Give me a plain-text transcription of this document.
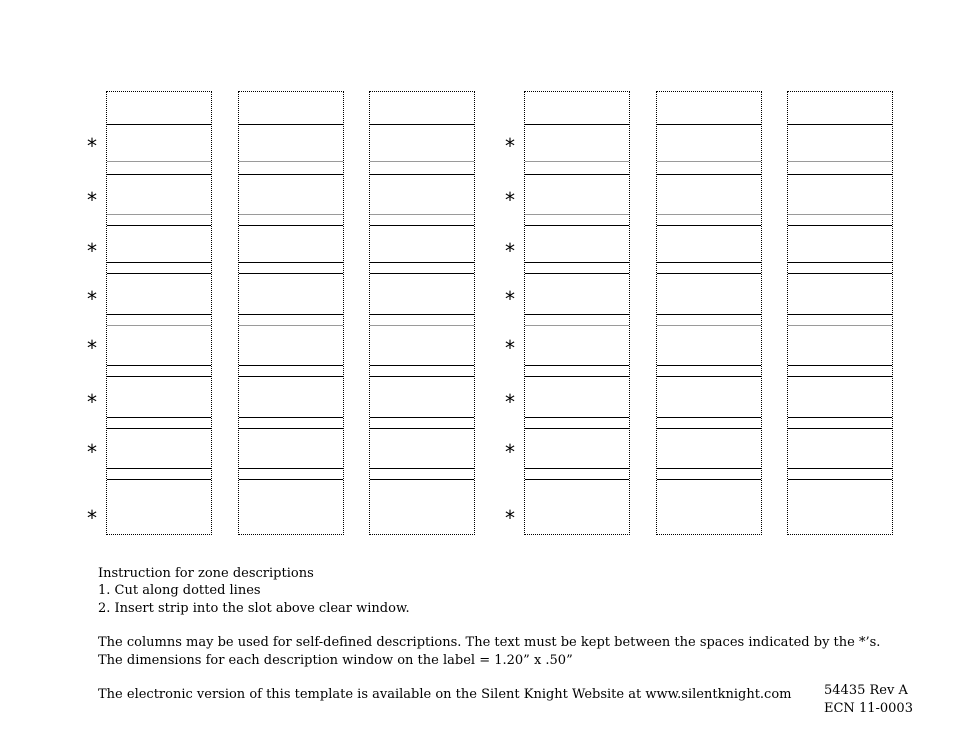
*
*
*
*
*
*
*
*
*
*
*
*
*
*
*
*
Instruction for zone descriptions
1. Cut along dotted lines
2. Insert strip into the slot above clear window.
The columns may be used for self-defined descriptions. The text must be kept between the spaces indicated by the *’s.
The dimensions for each description window on the label = 1.20” x .50”
The electronic version of this template is available on the Silent Knight Website at www.silentknight.com	54435 Rev A
ECN 11-0003
